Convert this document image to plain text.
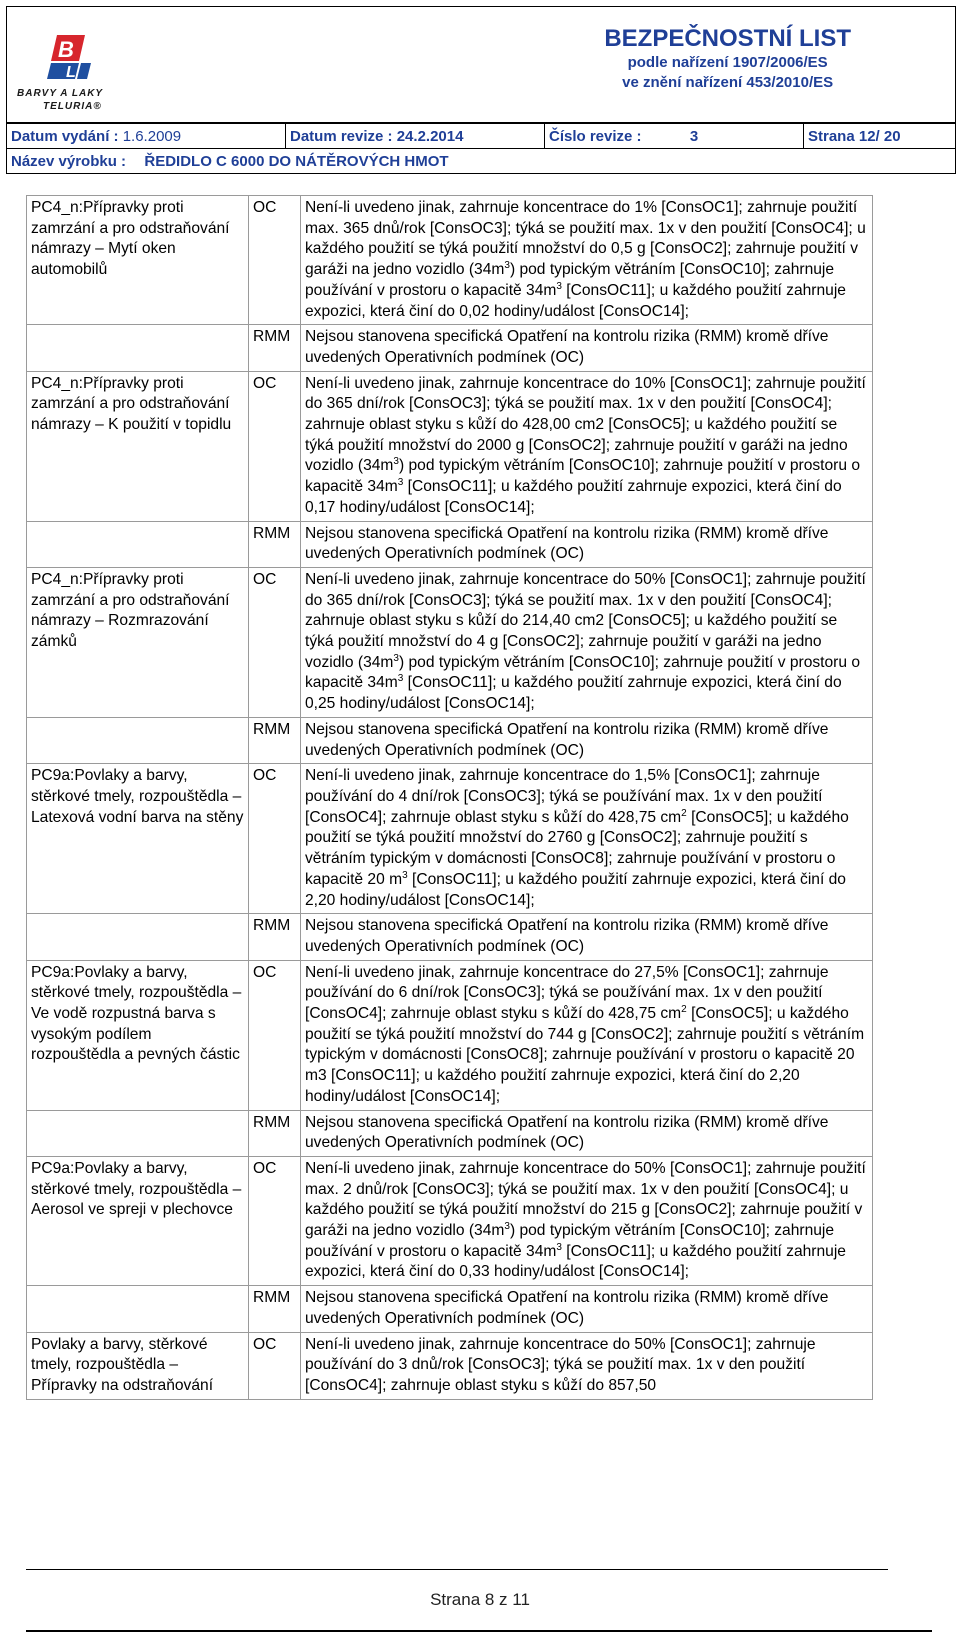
B
L
BARVY A LAKY
TELURIA®
BEZPEČNOSTNÍ LIST
podle nařízení 1907/2006/ES
ve znění nařízení 453/2010/ES
Datum vydání : 1.6.2009	Datum revize : 24.2.2014	Číslo revize :	3	Strana 12/ 20
Název výrobku : ŘEDIDLO C 6000 DO NÁTĚROVÝCH HMOT
PC4_n:Přípravky proti zamrzání a pro odstraňování námrazy – Mytí oken automobilů	OC	Není-li uvedeno jinak, zahrnuje koncentrace do 1% [ConsOC1]; zahrnuje použití max. 365 dnů/rok [ConsOC3]; týká se použití max. 1x v den použití [ConsOC4]; u každého použití se týká použití množství do 0,5 g [ConsOC2]; zahrnuje použití v garáži na jedno vozidlo $(34m^3)$ pod typickým větráním [ConsOC10]; zahrnuje používání v prostoru o kapacitě $34m^3$ [ConsOC11]; u každého použití zahrnuje expozici, která činí do 0,02 hodiny/událost [ConsOC14];
	RMM	Nejsou stanovena specifická Opatření na kontrolu rizika (RMM) kromě dříve uvedených Operativních podmínek (OC)
PC4_n:Přípravky proti zamrzání a pro odstraňování námrazy – K použití v topidlu	OC	Není-li uvedeno jinak, zahrnuje koncentrace do 10% [ConsOC1]; zahrnuje použití do 365 dní/rok [ConsOC3]; týká se použití max. 1x v den použití [ConsOC4]; zahrnuje oblast styku s kůží do 428,00 cm2 [ConsOC5]; u každého použití se týká použití množství do 2000 g [ConsOC2]; zahrnuje použití v garáži na jedno vozidlo $(34m^3)$ pod typickým větráním [ConsOC10]; zahrnuje použití v prostoru o kapacitě $34m^3$ [ConsOC11]; u každého použití zahrnuje expozici, která činí do 0,17 hodiny/událost [ConsOC14];
	RMM	Nejsou stanovena specifická Opatření na kontrolu rizika (RMM) kromě dříve uvedených Operativních podmínek (OC)
PC4_n:Přípravky proti zamrzání a pro odstraňování námrazy – Rozmrazování zámků	OC	Není-li uvedeno jinak, zahrnuje koncentrace do 50% [ConsOC1]; zahrnuje použití do 365 dní/rok [ConsOC3]; týká se použití max. 1x v den použití [ConsOC4]; zahrnuje oblast styku s kůží do 214,40 cm2 [ConsOC5]; u každého použití se týká použití množství do 4 g [ConsOC2]; zahrnuje použití v garáži na jedno vozidlo $(34m^3)$ pod typickým větráním [ConsOC10]; zahrnuje použití v prostoru o kapacitě $34m^3$ [ConsOC11]; u každého použití zahrnuje expozici, která činí do 0,25 hodiny/událost [ConsOC14];
	RMM	Nejsou stanovena specifická Opatření na kontrolu rizika (RMM) kromě dříve uvedených Operativních podmínek (OC)
PC9a:Povlaky a barvy, stěrkové tmely, rozpouštědla – Latexová vodní barva na stěny	OC	Není-li uvedeno jinak, zahrnuje koncentrace do 1,5% [ConsOC1]; zahrnuje používání do 4 dní/rok [ConsOC3]; týká se používání max. 1x v den použití [ConsOC4]; zahrnuje oblast styku s kůží do 428,75 $cm^2$ [ConsOC5]; u každého použití se týká použití množství do 2760 g [ConsOC2]; zahrnuje použití s větráním typickým v domácnosti [ConsOC8]; zahrnuje používání v prostoru o kapacitě 20 $m^3$ [ConsOC11]; u každého použití zahrnuje expozici, která činí do 2,20 hodiny/událost [ConsOC14];
	RMM	Nejsou stanovena specifická Opatření na kontrolu rizika (RMM) kromě dříve uvedených Operativních podmínek (OC)
PC9a:Povlaky a barvy, stěrkové tmely, rozpouštědla – Ve vodě rozpustná barva s vysokým podílem rozpouštědla a pevných částic	OC	Není-li uvedeno jinak, zahrnuje koncentrace do 27,5% [ConsOC1]; zahrnuje používání do 6 dní/rok [ConsOC3]; týká se používání max. 1x v den použití [ConsOC4]; zahrnuje oblast styku s kůží do 428,75 $cm^2$ [ConsOC5]; u každého použití se týká použití množství do 744 g [ConsOC2]; zahrnuje použití s větráním typickým v domácnosti [ConsOC8]; zahrnuje používání v prostoru o kapacitě 20 m3 [ConsOC11]; u každého použití zahrnuje expozici, která činí do 2,20 hodiny/událost [ConsOC14];
	RMM	Nejsou stanovena specifická Opatření na kontrolu rizika (RMM) kromě dříve uvedených Operativních podmínek (OC)
PC9a:Povlaky a barvy, stěrkové tmely, rozpouštědla – Aerosol ve spreji v plechovce	OC	Není-li uvedeno jinak, zahrnuje koncentrace do 50% [ConsOC1]; zahrnuje použití max. 2 dnů/rok [ConsOC3]; týká se použití max. 1x v den použití [ConsOC4]; u každého použití se týká použití množství do 215 g [ConsOC2]; zahrnuje použití v garáži na jedno vozidlo $(34m^3)$ pod typickým větráním [ConsOC10]; zahrnuje používání v prostoru o kapacitě $34m^3$ [ConsOC11]; u každého použití zahrnuje expozici, která činí do 0,33 hodiny/událost [ConsOC14];
	RMM	Nejsou stanovena specifická Opatření na kontrolu rizika (RMM) kromě dříve uvedených Operativních podmínek (OC)
Povlaky a barvy, stěrkové tmely, rozpouštědla – Přípravky na odstraňování	OC	Není-li uvedeno jinak, zahrnuje koncentrace do 50% [ConsOC1]; zahrnuje používání do 3 dnů/rok [ConsOC3]; týká se použití max. 1x v den použití [ConsOC4]; zahrnuje oblast styku s kůží do 857,50
Strana 8 z 11
